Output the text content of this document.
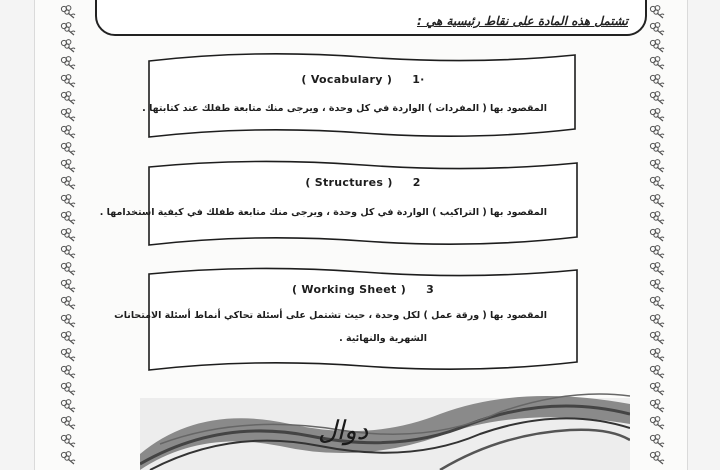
تشتمل هذه المادة على نقاط رئيسية هي :
( Vocabulary ) 1·
المقصود بها ( المفردات ) الواردة في كل وحدة ، ويرجى منك متابعة طفلك عند كتابتها .
( Structures ) 2
المقصود بها ( التراكيب ) الواردة في كل وحدة ، ويرجى منك متابعة طفلك في كيفية استخدامها .
( Working Sheet ) 3
المقصود بها ( ورقة عمل ) لكل وحدة ، حيث تشتمل على أسئلة تحاكي أنماط أسئلة الامتحانات
الشهرية والنهائية .
دوال
